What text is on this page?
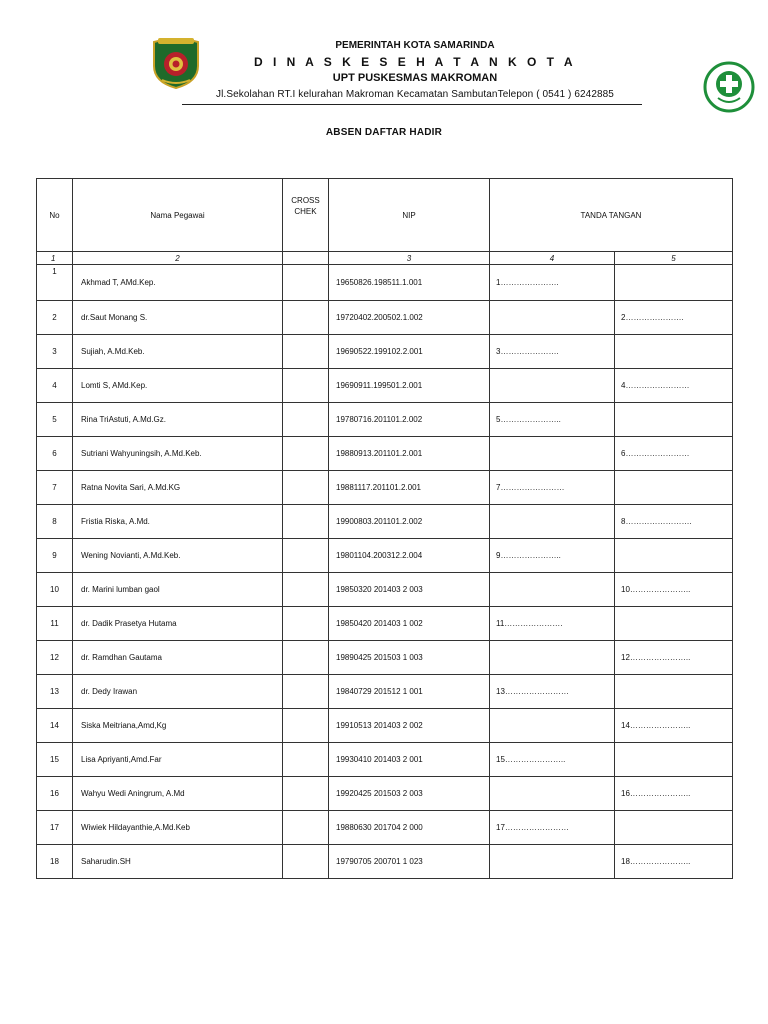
PEMERINTAH KOTA SAMARINDA
D I N A S K E S E H A T A N K O T A
UPT PUSKESMAS MAKROMAN
Jl.Sekolahan RT.I kelurahan Makroman Kecamatan SambutanTelepon ( 0541 ) 6242885
ABSEN DAFTAR HADIR
No	Nama Pegawai	CROSS
CHEK	NIP	TANDA TANGAN	
1	2		3	4	5
1	Akhmad T, AMd.Kep.		19650826.198511.1.001	1………………….	
2	dr.Saut Monang S.		19720402.200502.1.002		2………………….
3	Sujiah, A.Md.Keb.		19690522.199102.2.001	3………………….	
4	Lomti S, AMd.Kep.		19690911.199501.2.001		4……………………
5	Rina TriAstuti, A.Md.Gz.		19780716.201101.2.002	5…………………..	
6	Sutriani Wahyuningsih, A.Md.Keb.		19880913.201101.2.001		6……………………
7	Ratna Novita Sari, A.Md.KG		19881117.201101.2.001	7……………………	
8	Fristia Riska, A.Md.		19900803.201101.2.002		8…………………….
9	Wening Novianti, A.Md.Keb.		19801104.200312.2.004	9…………………..	
10	dr. Marini lumban gaol		19850320 201403 2 003		10…………………..
11	dr. Dadik Prasetya Hutama		19850420 201403 1 002	11………………….	
12	dr. Ramdhan Gautama		19890425 201503 1 003		12…………………..
13	dr. Dedy Irawan		19840729 201512 1 001	13……………………	
14	Siska Meitriana,Amd,Kg		19910513 201403 2 002		14…………………..
15	Lisa Apriyanti,Amd.Far		19930410 201403 2 001	15…………………..	
16	Wahyu Wedi Aningrum, A.Md		19920425 201503 2 003		16…………………..
17	Wiwiek Hildayanthie,A.Md.Keb		19880630 201704 2 000	17……………………	
18	Saharudin.SH		19790705 200701 1 023		18…………………..
